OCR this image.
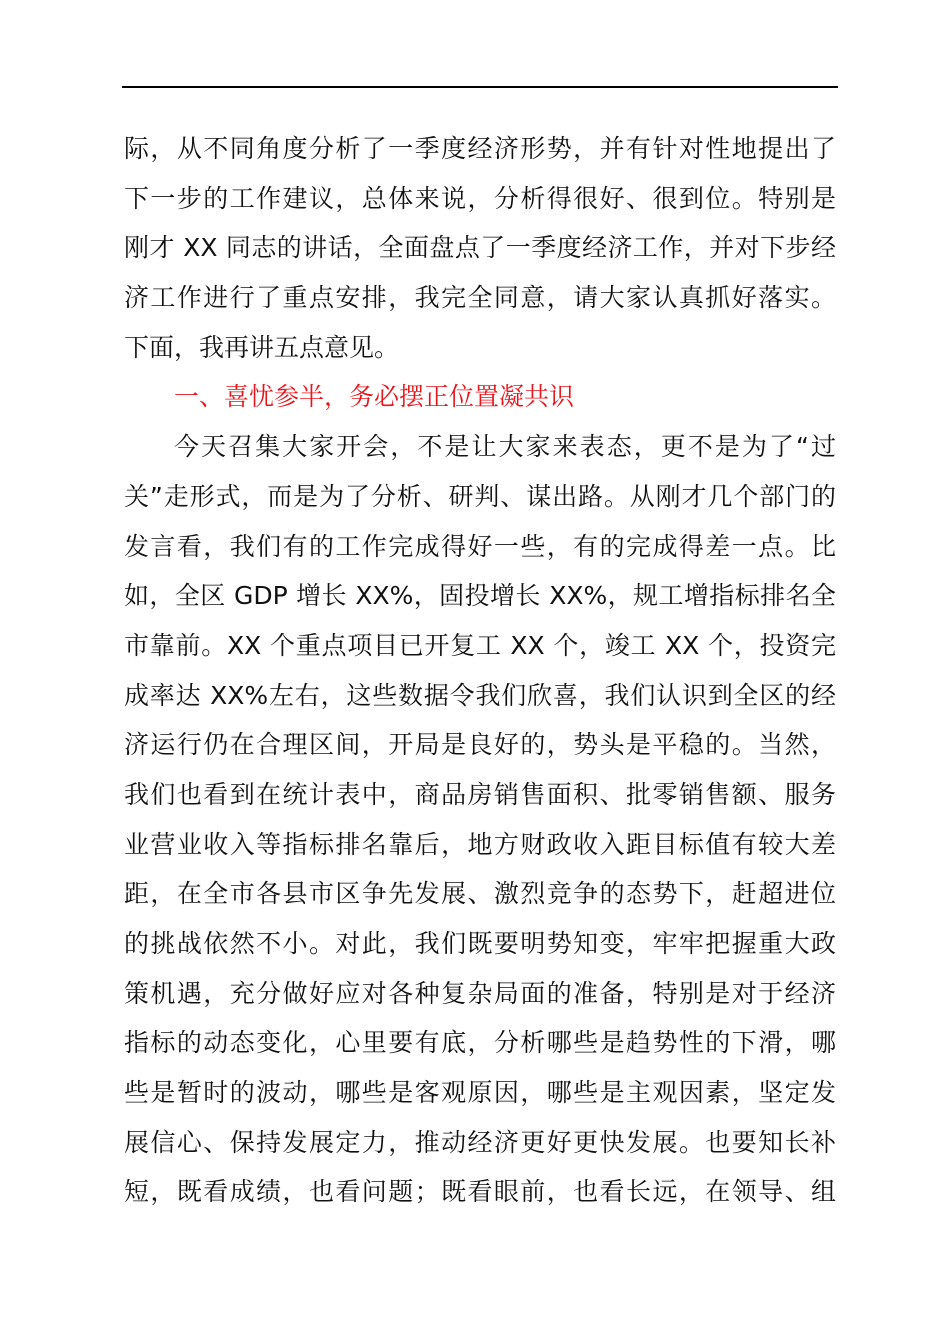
际，从不同角度分析了一季度经济形势，并有针对性地提出了
下一步的工作建议，总体来说，分析得很好、很到位。特别是
刚才 XX 同志的讲话，全面盘点了一季度经济工作，并对下步经
济工作进行了重点安排，我完全同意，请大家认真抓好落实。
下面，我再讲五点意见。
一、喜忧参半，务必摆正位置凝共识
今天召集大家开会，不是让大家来表态，更不是为了“过
关”走形式，而是为了分析、研判、谋出路。从刚才几个部门的
发言看，我们有的工作完成得好一些，有的完成得差一点。比
如，全区 GDP 增长 XX%，固投增长 XX%，规工增指标排名全
市靠前。XX 个重点项目已开复工 XX 个，竣工 XX 个，投资完
成率达 XX%左右，这些数据令我们欣喜，我们认识到全区的经
济运行仍在合理区间，开局是良好的，势头是平稳的。当然，
我们也看到在统计表中，商品房销售面积、批零销售额、服务
业营业收入等指标排名靠后，地方财政收入距目标值有较大差
距，在全市各县市区争先发展、激烈竞争的态势下，赶超进位
的挑战依然不小。对此，我们既要明势知变，牢牢把握重大政
策机遇，充分做好应对各种复杂局面的准备，特别是对于经济
指标的动态变化，心里要有底，分析哪些是趋势性的下滑，哪
些是暂时的波动，哪些是客观原因，哪些是主观因素，坚定发
展信心、保持发展定力，推动经济更好更快发展。也要知长补
短，既看成绩，也看问题；既看眼前，也看长远，在领导、组
